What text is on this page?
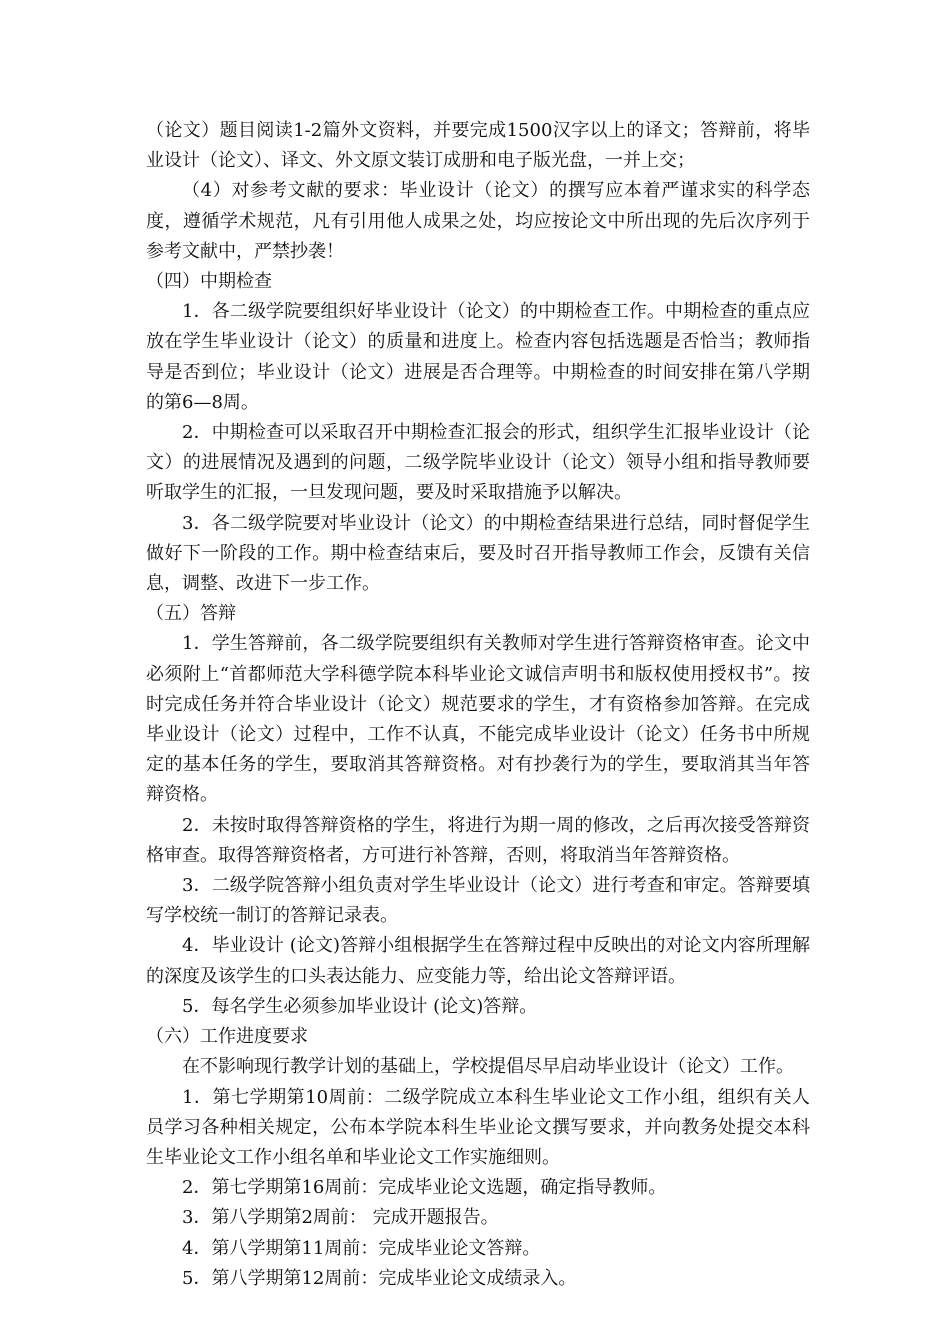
（论文）题目阅读1-2篇外文资料，并要完成1500汉字以上的译文；答辩前，将毕业设计（论文）、译文、外文原文装订成册和电子版光盘，一并上交；

（4）对参考文献的要求：毕业设计（论文）的撰写应本着严谨求实的科学态度，遵循学术规范，凡有引用他人成果之处，均应按论文中所出现的先后次序列于参考文献中，严禁抄袭！

（四）中期检查

1．各二级学院要组织好毕业设计（论文）的中期检查工作。中期检查的重点应放在学生毕业设计（论文）的质量和进度上。检查内容包括选题是否恰当；教师指导是否到位；毕业设计（论文）进展是否合理等。中期检查的时间安排在第八学期的第6—8周。

2．中期检查可以采取召开中期检查汇报会的形式，组织学生汇报毕业设计（论文）的进展情况及遇到的问题，二级学院毕业设计（论文）领导小组和指导教师要听取学生的汇报，一旦发现问题，要及时采取措施予以解决。

3．各二级学院要对毕业设计（论文）的中期检查结果进行总结，同时督促学生做好下一阶段的工作。期中检查结束后，要及时召开指导教师工作会，反馈有关信息，调整、改进下一步工作。

（五）答辩

1．学生答辩前，各二级学院要组织有关教师对学生进行答辩资格审查。论文中必须附上“首都师范大学科德学院本科毕业论文诚信声明书和版权使用授权书”。按时完成任务并符合毕业设计（论文）规范要求的学生，才有资格参加答辩。在完成毕业设计（论文）过程中，工作不认真，不能完成毕业设计（论文）任务书中所规定的基本任务的学生，要取消其答辩资格。对有抄袭行为的学生，要取消其当年答辩资格。

2．未按时取得答辩资格的学生，将进行为期一周的修改，之后再次接受答辩资格审查。取得答辩资格者，方可进行补答辩，否则，将取消当年答辩资格。

3．二级学院答辩小组负责对学生毕业设计（论文）进行考查和审定。答辩要填写学校统一制订的答辩记录表。

4．毕业设计 (论文)答辩小组根据学生在答辩过程中反映出的对论文内容所理解的深度及该学生的口头表达能力、应变能力等，给出论文答辩评语。

5．每名学生必须参加毕业设计 (论文)答辩。

（六）工作进度要求

在不影响现行教学计划的基础上，学校提倡尽早启动毕业设计（论文）工作。

1．第七学期第10周前：二级学院成立本科生毕业论文工作小组，组织有关人员学习各种相关规定，公布本学院本科生毕业论文撰写要求，并向教务处提交本科生毕业论文工作小组名单和毕业论文工作实施细则。

2．第七学期第16周前：完成毕业论文选题，确定指导教师。

3．第八学期第2周前： 完成开题报告。

4．第八学期第11周前：完成毕业论文答辩。

5．第八学期第12周前：完成毕业论文成绩录入。
